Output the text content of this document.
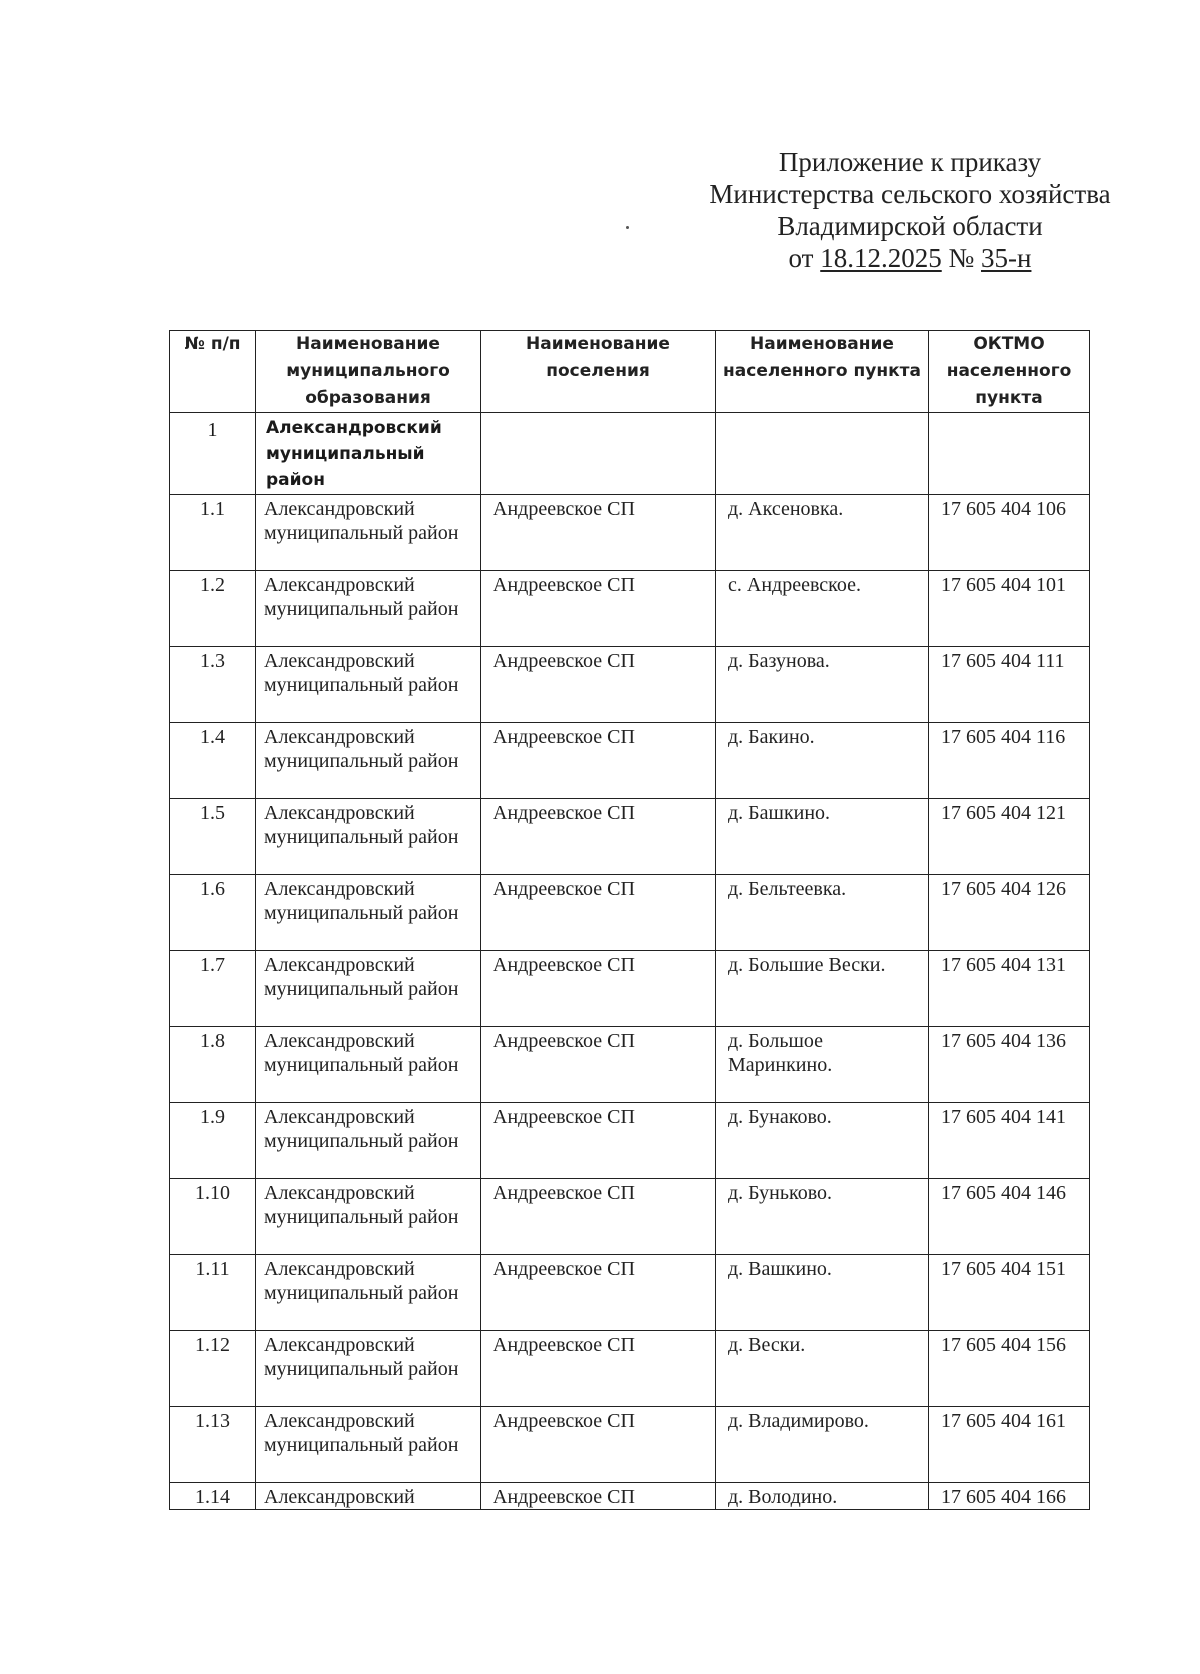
Приложение к приказу
Министерства сельского хозяйства
Владимирской области
от 18.12.2025 № 35-н
№ п/п	Наименование муниципального образования	Наименование поселения	Наименование населенного пункта	ОКТМО населенного пункта
1	Александровский муниципальный район			
1.1	Александровский муниципальный район	Андреевское СП	д. Аксеновка.	17 605 404 106
1.2	Александровский муниципальный район	Андреевское СП	с. Андреевское.	17 605 404 101
1.3	Александровский муниципальный район	Андреевское СП	д. Базунова.	17 605 404 111
1.4	Александровский муниципальный район	Андреевское СП	д. Бакино.	17 605 404 116
1.5	Александровский муниципальный район	Андреевское СП	д. Башкино.	17 605 404 121
1.6	Александровский муниципальный район	Андреевское СП	д. Бельтеевка.	17 605 404 126
1.7	Александровский муниципальный район	Андреевское СП	д. Большие Вески.	17 605 404 131
1.8	Александровский муниципальный район	Андреевское СП	д. Большое Маринкино.	17 605 404 136
1.9	Александровский муниципальный район	Андреевское СП	д. Бунаково.	17 605 404 141
1.10	Александровский муниципальный район	Андреевское СП	д. Буньково.	17 605 404 146
1.11	Александровский муниципальный район	Андреевское СП	д. Вашкино.	17 605 404 151
1.12	Александровский муниципальный район	Андреевское СП	д. Вески.	17 605 404 156
1.13	Александровский муниципальный район	Андреевское СП	д. Владимирово.	17 605 404 161
1.14	Александровский	Андреевское СП	д. Володино.	17 605 404 166
